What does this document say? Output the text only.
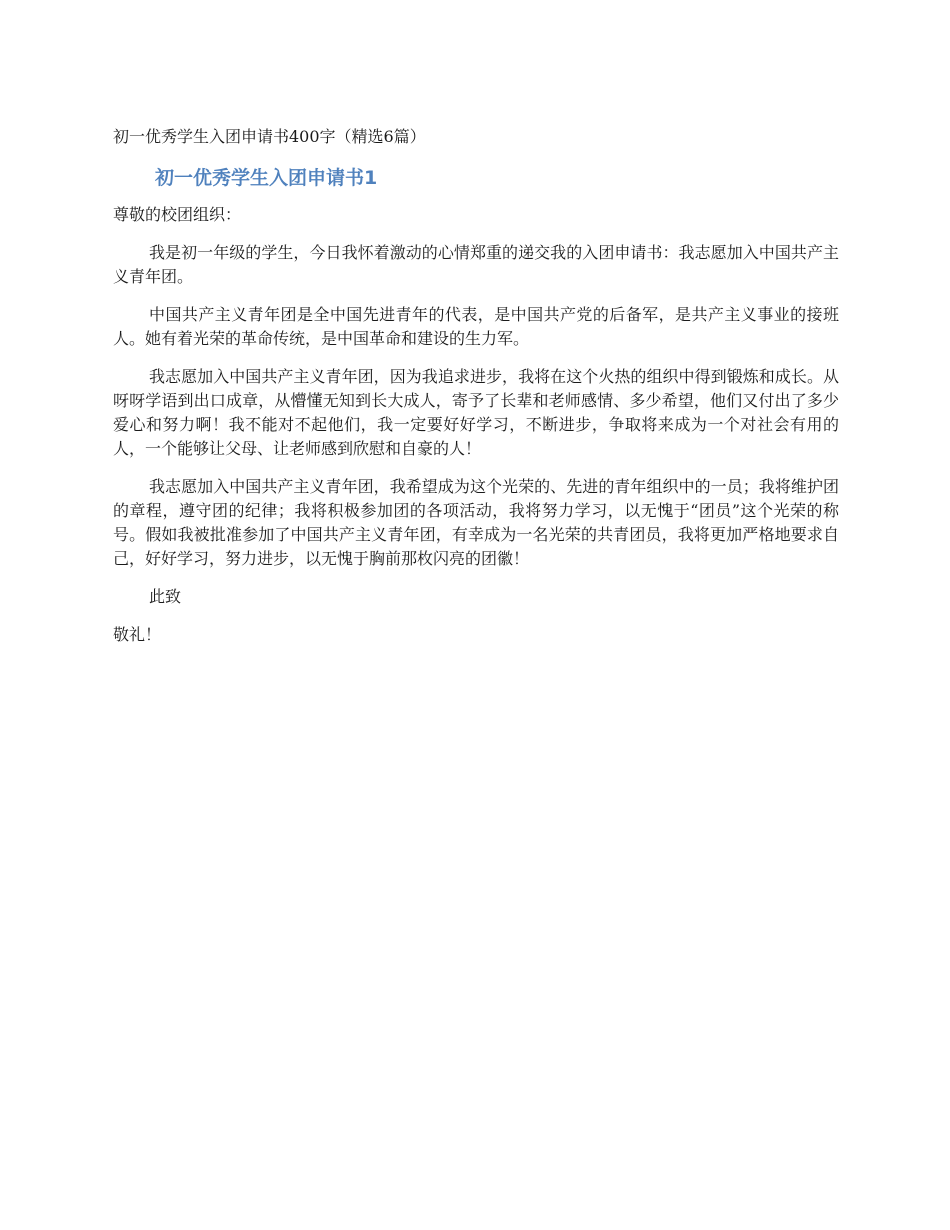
初一优秀学生入团申请书400字（精选6篇）
初一优秀学生入团申请书1

尊敬的校团组织：

我是初一年级的学生，今日我怀着激动的心情郑重的递交我的入团申请书：我志愿加入中国共产主义青年团。

中国共产主义青年团是全中国先进青年的代表，是中国共产党的后备军，是共产主义事业的接班人。她有着光荣的革命传统，是中国革命和建设的生力军。

我志愿加入中国共产主义青年团，因为我追求进步，我将在这个火热的组织中得到锻炼和成长。从呀呀学语到出口成章，从懵懂无知到长大成人，寄予了长辈和老师感情、多少希望，他们又付出了多少爱心和努力啊！我不能对不起他们，我一定要好好学习，不断进步，争取将来成为一个对社会有用的人，一个能够让父母、让老师感到欣慰和自豪的人！

我志愿加入中国共产主义青年团，我希望成为这个光荣的、先进的青年组织中的一员；我将维护团的章程，遵守团的纪律；我将积极参加团的各项活动，我将努力学习，以无愧于“团员”这个光荣的称号。假如我被批准参加了中国共产主义青年团，有幸成为一名光荣的共青团员，我将更加严格地要求自己，好好学习，努力进步，以无愧于胸前那枚闪亮的团徽！

此致

敬礼！
